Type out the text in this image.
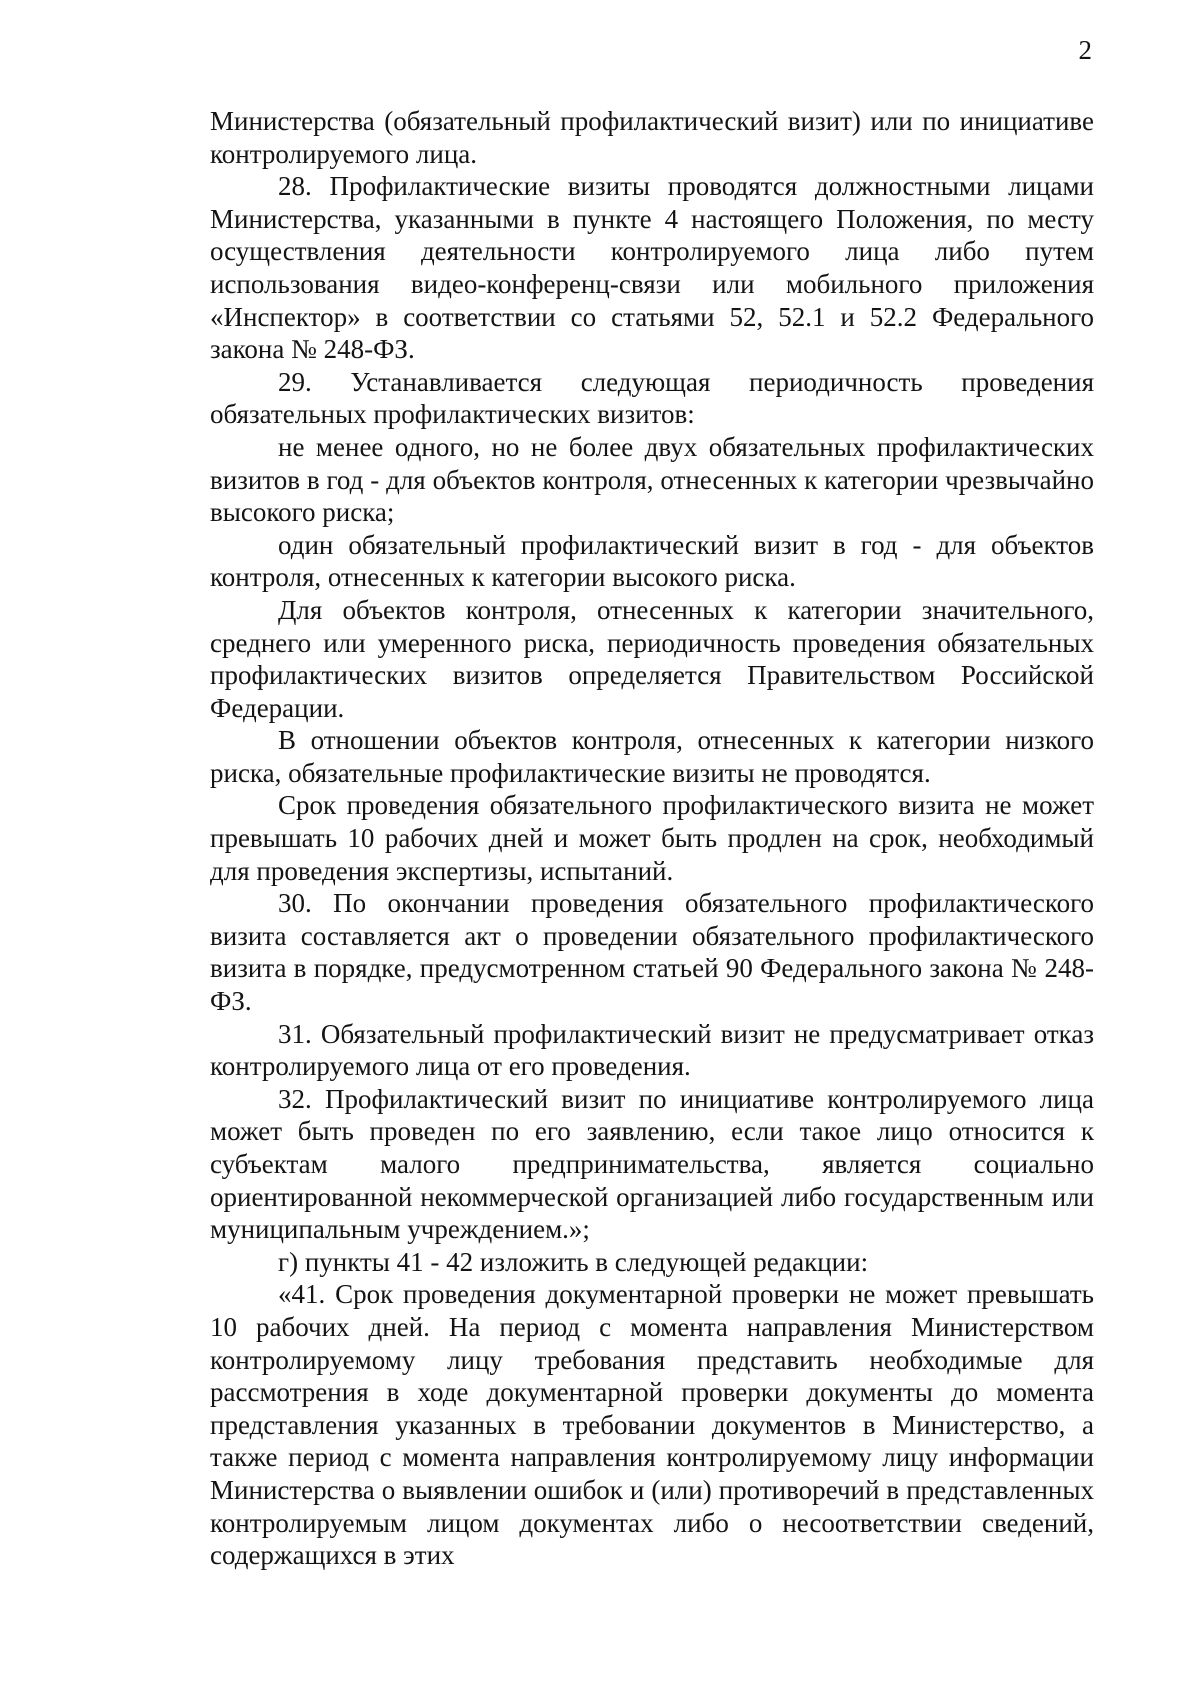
2

Министерства (обязательный профилактический визит) или по инициативе контролируемого лица.

28. Профилактические визиты проводятся должностными лицами Министерства, указанными в пункте 4 настоящего Положения, по месту осуществления деятельности контролируемого лица либо путем использования видео-конференц-связи или мобильного приложения «Инспектор» в соответствии со статьями 52, 52.1 и 52.2 Федерального закона № 248-ФЗ.

29. Устанавливается следующая периодичность проведения обязательных профилактических визитов:

не менее одного, но не более двух обязательных профилактических визитов в год - для объектов контроля, отнесенных к категории чрезвычайно высокого риска;

один обязательный профилактический визит в год - для объектов контроля, отнесенных к категории высокого риска.

Для объектов контроля, отнесенных к категории значительного, среднего или умеренного риска, периодичность проведения обязательных профилактических визитов определяется Правительством Российской Федерации.

В отношении объектов контроля, отнесенных к категории низкого риска, обязательные профилактические визиты не проводятся.

Срок проведения обязательного профилактического визита не может превышать 10 рабочих дней и может быть продлен на срок, необходимый для проведения экспертизы, испытаний.

30. По окончании проведения обязательного профилактического визита составляется акт о проведении обязательного профилактического визита в порядке, предусмотренном статьей 90 Федерального закона № 248-ФЗ.

31. Обязательный профилактический визит не предусматривает отказ контролируемого лица от его проведения.

32. Профилактический визит по инициативе контролируемого лица может быть проведен по его заявлению, если такое лицо относится к субъектам малого предпринимательства, является социально ориентированной некоммерческой организацией либо государственным или муниципальным учреждением.»;

г) пункты 41 - 42 изложить в следующей редакции:

«41. Срок проведения документарной проверки не может превышать 10 рабочих дней. На период с момента направления Министерством контролируемому лицу требования представить необходимые для рассмотрения в ходе документарной проверки документы до момента представления указанных в требовании документов в Министерство, а также период с момента направления контролируемому лицу информации Министерства о выявлении ошибок и (или) противоречий в представленных контролируемым лицом документах либо о несоответствии сведений, содержащихся в этих
